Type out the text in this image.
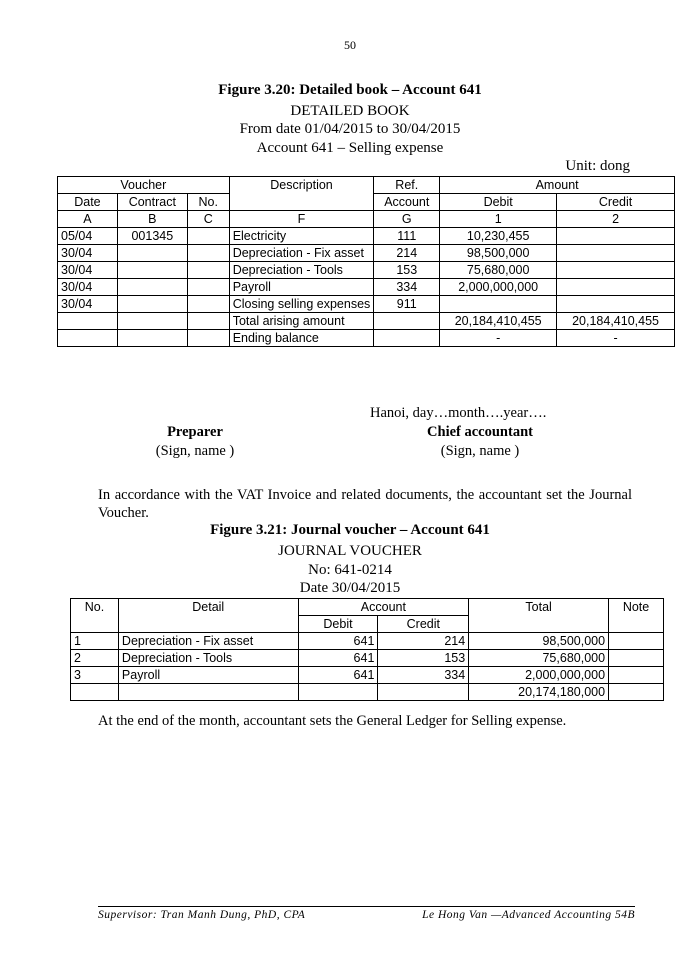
50
Figure 3.20: Detailed book – Account 641
DETAILED BOOK
From date 01/04/2015 to 30/04/2015
Account 641 – Selling expense
Unit: dong
Voucher			Description	Ref.	Amount	
Date	Contract	No.		Account	Debit	Credit
A	B	C	F	G	1	2
05/04	001345		Electricity	111	10,230,455	
30/04			Depreciation - Fix asset	214	98,500,000	
30/04			Depreciation - Tools	153	75,680,000	
30/04			Payroll	334	2,000,000,000	
30/04			Closing selling expenses	911		
			Total arising amount		20,184,410,455	20,184,410,455
			Ending balance		-	-
Hanoi, day…month….year….
Preparer
(Sign, name )
Chief accountant
(Sign, name )
In accordance with the VAT Invoice and related documents, the accountant set the Journal Voucher.
Figure 3.21: Journal voucher – Account 641
JOURNAL VOUCHER
No: 641-0214
Date 30/04/2015
No.	Detail	Account		Total	Note
		Debit	Credit		
1	Depreciation - Fix asset	641	214	98,500,000	
2	Depreciation - Tools	641	153	75,680,000	
3	Payroll	641	334	2,000,000,000	
				20,174,180,000	
At the end of the month, accountant sets the General Ledger for Selling expense.
Supervisor: Tran Manh Dung, PhD, CPA	Le Hong Van —Advanced Accounting 54B
